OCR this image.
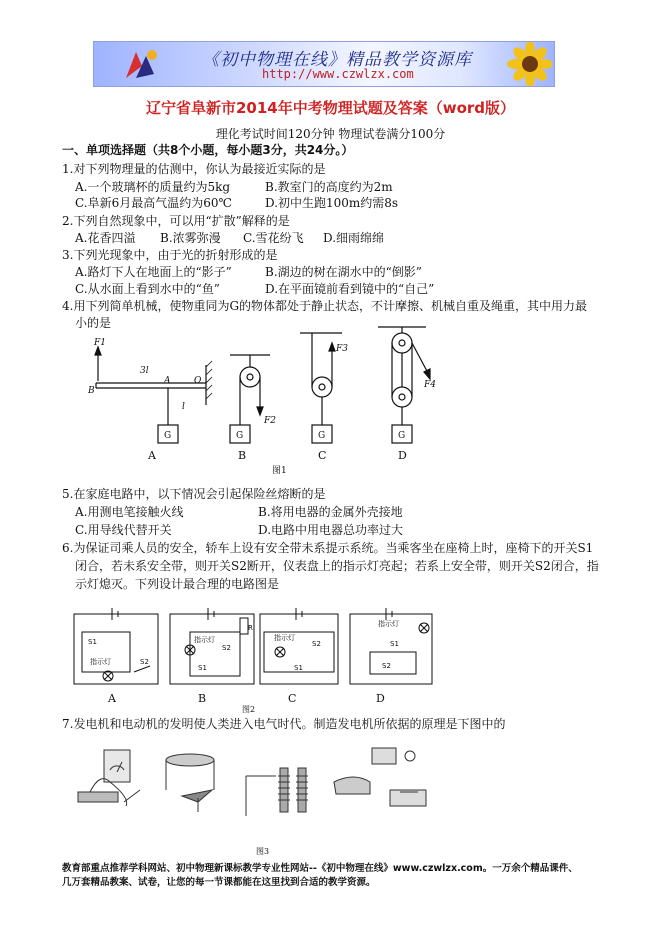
《初中物理在线》精品教学资源库
http://www.czwlzx.com
辽宁省阜新市2014年中考物理试题及答案（word版）
理化考试时间120分钟 物理试卷满分100分
一、单项选择题（共8个小题，每小题3分，共24分。）
1.对下列物理量的估测中，你认为最接近实际的是
A.一个玻璃杯的质量约为5kg	B.教室门的高度约为2m
C.阜新6月最高气温约为60℃	D.初中生跑100m约需8s
2.下列自然现象中，可以用“扩散”解释的是
A.花香四溢 B.浓雾弥漫 C.雪花纷飞 D.细雨绵绵
3.下列光现象中，由于光的折射形成的是
A.路灯下人在地面上的“影子”	B.湖边的树在湖水中的“倒影”
C.从水面上看到水中的“鱼”	D.在平面镜前看到镜中的“自己”
4.用下列简单机械，使物重同为G的物体都处于静止状态，不计摩擦、机械自重及绳重，其中用力最
小的是
F1
3l
A	O
B
l
G
F2
G
F3
G
F4
G
A	B	C	D
图1
5.在家庭电路中，以下情况会引起保险丝熔断的是
A.用测电笔接触火线	B.将用电器的金属外壳接地
C.用导线代替开关	D.电路中用电器总功率过大
6.为保证司乘人员的安全，轿车上设有安全带未系提示系统。当乘客坐在座椅上时，座椅下的开关S1
闭合，若未系安全带，则开关S2断开，仪表盘上的指示灯亮起；若系上安全带，则开关S2闭合，指
示灯熄灭。下列设计最合理的电路图是
S1
指示灯	S2
R
指示灯
S2
S1
指示灯
S2
S1
指示灯
S1
S2
A	B	C	D
图2
7.发电机和电动机的发明使人类进入电气时代。制造发电机所依据的原理是下图中的
图3
教育部重点推荐学科网站、初中物理新课标教学专业性网站--《初中物理在线》www.czwlzx.com。一万余个精品课件、
几万套精品教案、试卷，让您的每一节课都能在这里找到合适的教学资源。
